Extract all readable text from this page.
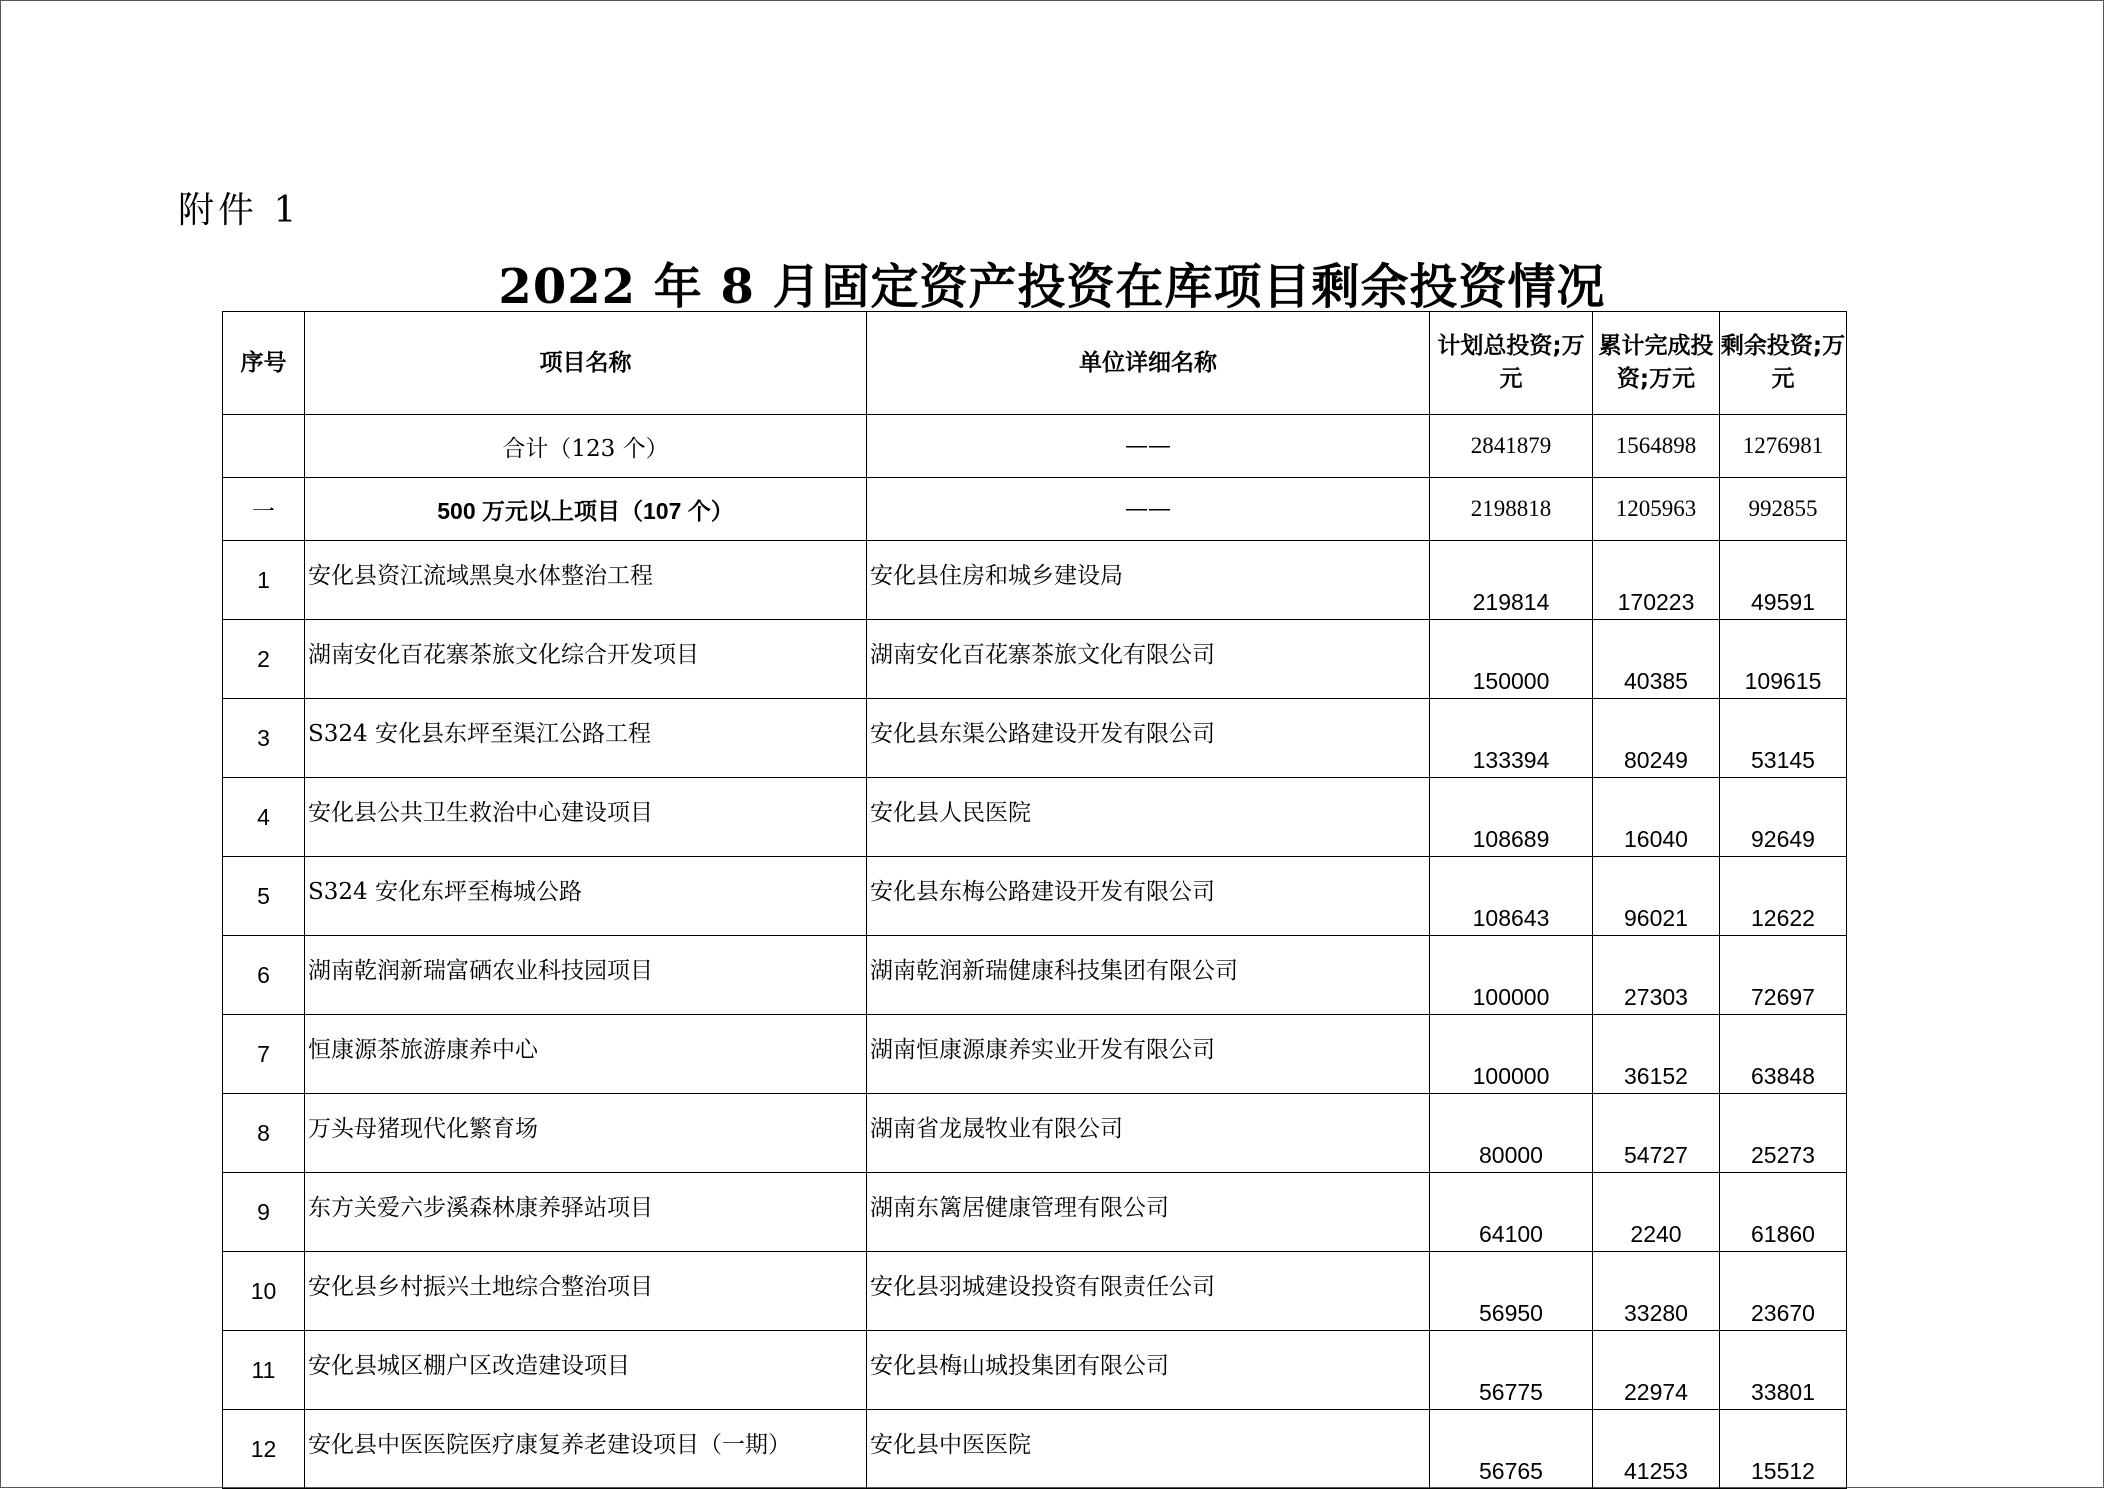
附件 1
2022 年 8 月固定资产投资在库项目剩余投资情况
序号	项目名称	单位详细名称	计划总投资;万元	累计完成投资;万元	剩余投资;万元
	合计（123 个）	——	2841879	1564898	1276981
一	500 万元以上项目（107 个）	——	2198818	1205963	992855
1	安化县资江流域黑臭水体整治工程	安化县住房和城乡建设局	219814	170223	49591
2	湖南安化百花寨茶旅文化综合开发项目	湖南安化百花寨茶旅文化有限公司	150000	40385	109615
3	S324 安化县东坪至渠江公路工程	安化县东渠公路建设开发有限公司	133394	80249	53145
4	安化县公共卫生救治中心建设项目	安化县人民医院	108689	16040	92649
5	S324 安化东坪至梅城公路	安化县东梅公路建设开发有限公司	108643	96021	12622
6	湖南乾润新瑞富硒农业科技园项目	湖南乾润新瑞健康科技集团有限公司	100000	27303	72697
7	恒康源茶旅游康养中心	湖南恒康源康养实业开发有限公司	100000	36152	63848
8	万头母猪现代化繁育场	湖南省龙晟牧业有限公司	80000	54727	25273
9	东方关爱六步溪森林康养驿站项目	湖南东篱居健康管理有限公司	64100	2240	61860
10	安化县乡村振兴土地综合整治项目	安化县羽城建设投资有限责任公司	56950	33280	23670
11	安化县城区棚户区改造建设项目	安化县梅山城投集团有限公司	56775	22974	33801
12	安化县中医医院医疗康复养老建设项目（一期）	安化县中医医院	56765	41253	15512
